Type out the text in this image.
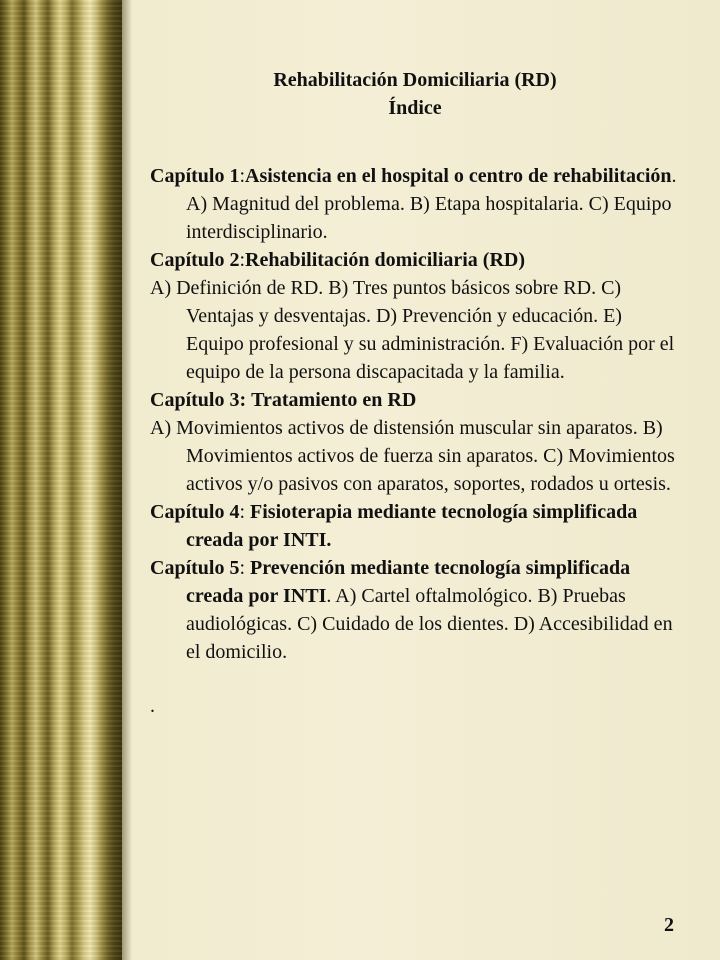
Rehabilitación Domiciliaria (RD)

Índice

Capítulo 1:Asistencia en el hospital o centro de rehabilitación. A) Magnitud del problema. B) Etapa hospitalaria. C) Equipo interdisciplinario.

Capítulo 2:Rehabilitación domiciliaria (RD)

A) Definición de RD. B) Tres puntos básicos sobre RD. C) Ventajas y desventajas. D) Prevención y educación. E) Equipo profesional y su administración. F) Evaluación por el equipo de la persona discapacitada y la familia.

Capítulo 3: Tratamiento en RD

A) Movimientos activos de distensión muscular sin aparatos. B) Movimientos activos de fuerza sin aparatos. C) Movimientos activos y/o pasivos con aparatos, soportes, rodados u ortesis.

Capítulo 4: Fisioterapia mediante tecnología simplificada creada por INTI.

Capítulo 5: Prevención mediante tecnología simplificada creada por INTI. A) Cartel oftalmológico. B) Pruebas audiológicas. C) Cuidado de los dientes. D) Accesibilidad en el domicilio.

.

2
